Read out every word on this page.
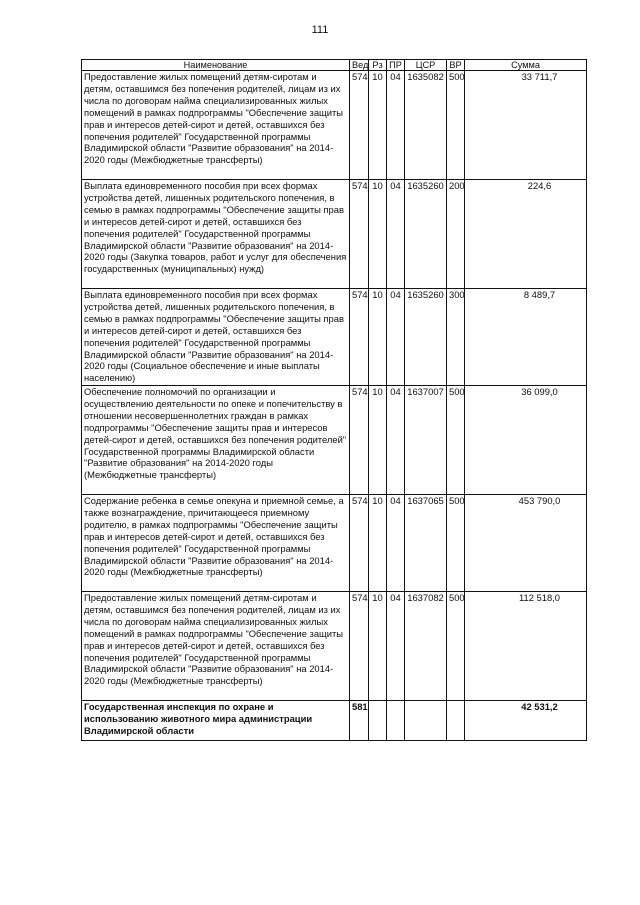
111
Наименование	Вед	Рз	ПР	ЦСР	ВР	Сумма
Предоставление жилых помещений детям-сиротам и детям, оставшимся без попечения родителей, лицам из их числа по договорам найма специализированных жилых помещений в рамках подпрограммы "Обеспечение защиты прав и интересов детей-сирот и детей, оставшихся без попечения родителей" Государственной программы Владимирской области "Развитие образования" на 2014-2020 годы (Межбюджетные трансферты)	574	10	04	1635082	500	33 711,7
Выплата единовременного пособия при всех формах устройства детей, лишенных родительского попечения, в семью в рамках подпрограммы "Обеспечение защиты прав и интересов детей-сирот и детей, оставшихся без попечения родителей" Государственной программы Владимирской области "Развитие образования" на 2014-2020 годы (Закупка товаров, работ и услуг для обеспечения государственных (муниципальных) нужд)	574	10	04	1635260	200	224,6
Выплата единовременного пособия при всех формах устройства детей, лишенных родительского попечения, в семью в рамках подпрограммы "Обеспечение защиты прав и интересов детей-сирот и детей, оставшихся без попечения родителей" Государственной программы Владимирской области "Развитие образования" на 2014-2020 годы (Социальное обеспечение и иные выплаты населению)	574	10	04	1635260	300	8 489,7
Обеспечение полномочий по организации и осуществлению деятельности по опеке и попечительству в отношении несовершеннолетних граждан в рамках подпрограммы "Обеспечение защиты прав и интересов детей-сирот и детей, оставшихся без попечения родителей" Государственной программы Владимирской области "Развитие образования" на 2014-2020 годы (Межбюджетные трансферты)	574	10	04	1637007	500	36 099,0
Содержание ребенка в семье опекуна и приемной семье, а также вознаграждение, причитающееся приемному родителю, в рамках подпрограммы "Обеспечение защиты прав и интересов детей-сирот и детей, оставшихся без попечения родителей" Государственной программы Владимирской области "Развитие образования" на 2014-2020 годы (Межбюджетные трансферты)	574	10	04	1637065	500	453 790,0
Предоставление жилых помещений детям-сиротам и детям, оставшимся без попечения родителей, лицам из их числа по договорам найма специализированных жилых помещений в рамках подпрограммы "Обеспечение защиты прав и интересов детей-сирот и детей, оставшихся без попечения родителей" Государственной программы Владимирской области "Развитие образования" на 2014-2020 годы (Межбюджетные трансферты)	574	10	04	1637082	500	112 518,0
Государственная инспекция по охране и использованию животного мира администрации Владимирской области	581					42 531,2
